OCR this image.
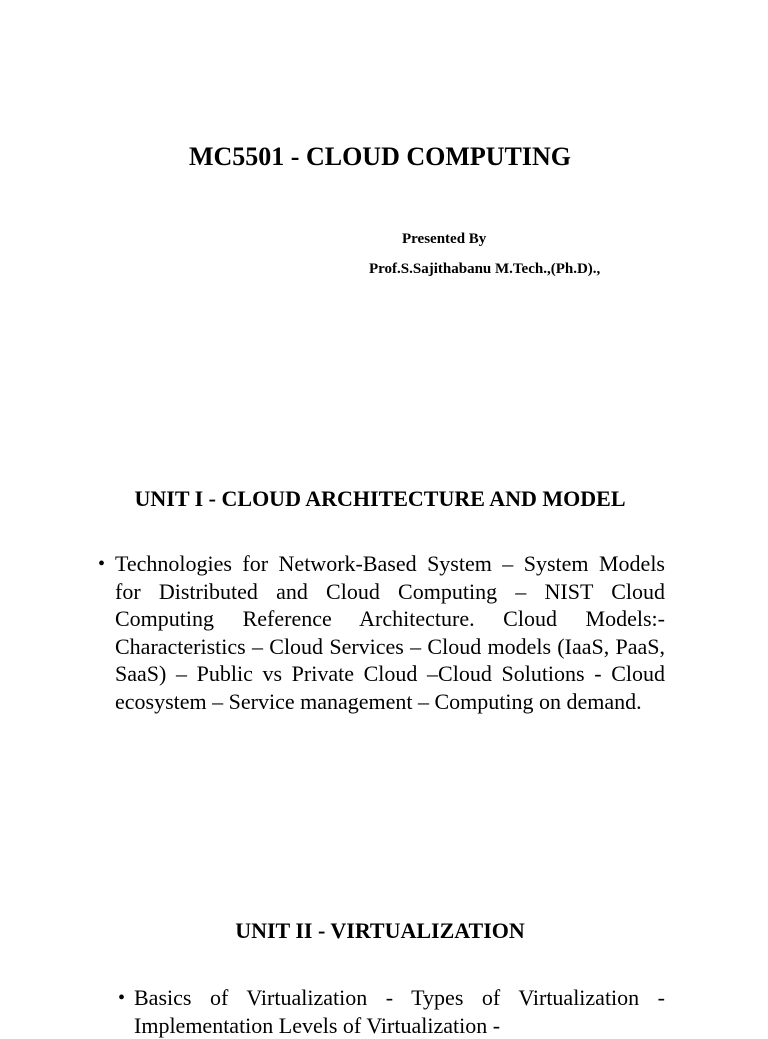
MC5501 - CLOUD COMPUTING
Presented By
Prof.S.Sajithabanu M.Tech.,(Ph.D).,
UNIT I - CLOUD ARCHITECTURE AND MODEL
• Technologies for Network-Based System – System Models for Distributed and Cloud Computing – NIST Cloud Computing Reference Architecture. Cloud Models:- Characteristics – Cloud Services – Cloud models (IaaS, PaaS, SaaS) – Public vs Private Cloud –Cloud Solutions - Cloud ecosystem – Service management – Computing on demand.
UNIT II - VIRTUALIZATION
• Basics of Virtualization - Types of Virtualization - Implementation Levels of Virtualization -
